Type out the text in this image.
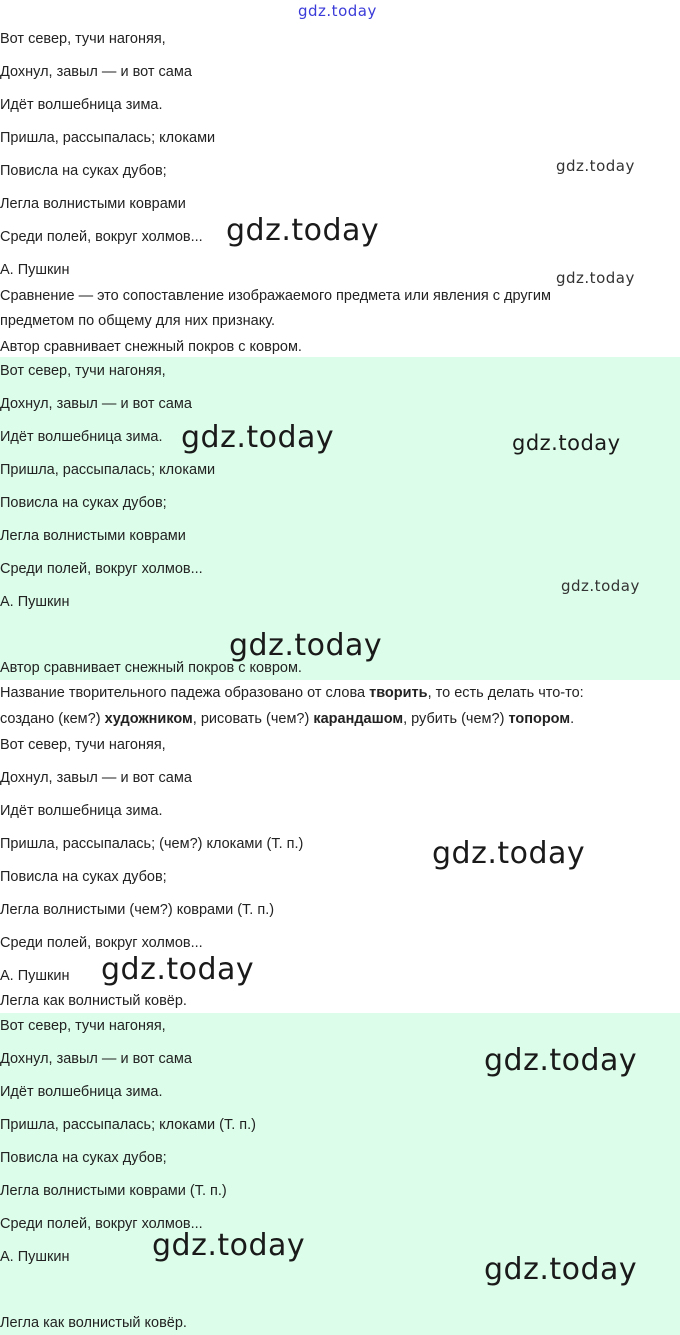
gdz.today
Вот север, тучи нагоняя,
Дохнул, завыл — и вот сама
Идёт волшебница зима.
Пришла, рассыпалась; клоками
Повисла на суках дубов;
Легла волнистыми коврами
Среди полей, вокруг холмов...
А. Пушкин
Сравнение — это сопоставление изображаемого предмета или явления с другим
предметом по общему для них признаку.
Автор сравнивает снежный покров с ковром.
gdz.today
gdz.today
gdz.today
Вот север, тучи нагоняя,
Дохнул, завыл — и вот сама
Идёт волшебница зима.
Пришла, рассыпалась; клоками
Повисла на суках дубов;
Легла волнистыми коврами
Среди полей, вокруг холмов...
А. Пушкин
Автор сравнивает снежный покров с ковром.
gdz.today	gdz.today
gdz.today
gdz.today
Название творительного падежа образовано от слова творить, то есть делать что-то:
создано (кем?) художником, рисовать (чем?) карандашом, рубить (чем?) топором.
Вот север, тучи нагоняя,
Дохнул, завыл — и вот сама
Идёт волшебница зима.
Пришла, рассыпалась; (чем?) клоками (Т. п.)
Повисла на суках дубов;
Легла волнистыми (чем?) коврами (Т. п.)
Среди полей, вокруг холмов...
А. Пушкин
Легла как волнистый ковёр.
gdz.today
gdz.today
Вот север, тучи нагоняя,
Дохнул, завыл — и вот сама
Идёт волшебница зима.
Пришла, рассыпалась; клоками (Т. п.)
Повисла на суках дубов;
Легла волнистыми коврами (Т. п.)
Среди полей, вокруг холмов...
А. Пушкин
Легла как волнистый ковёр.
gdz.today
gdz.today
gdz.today
